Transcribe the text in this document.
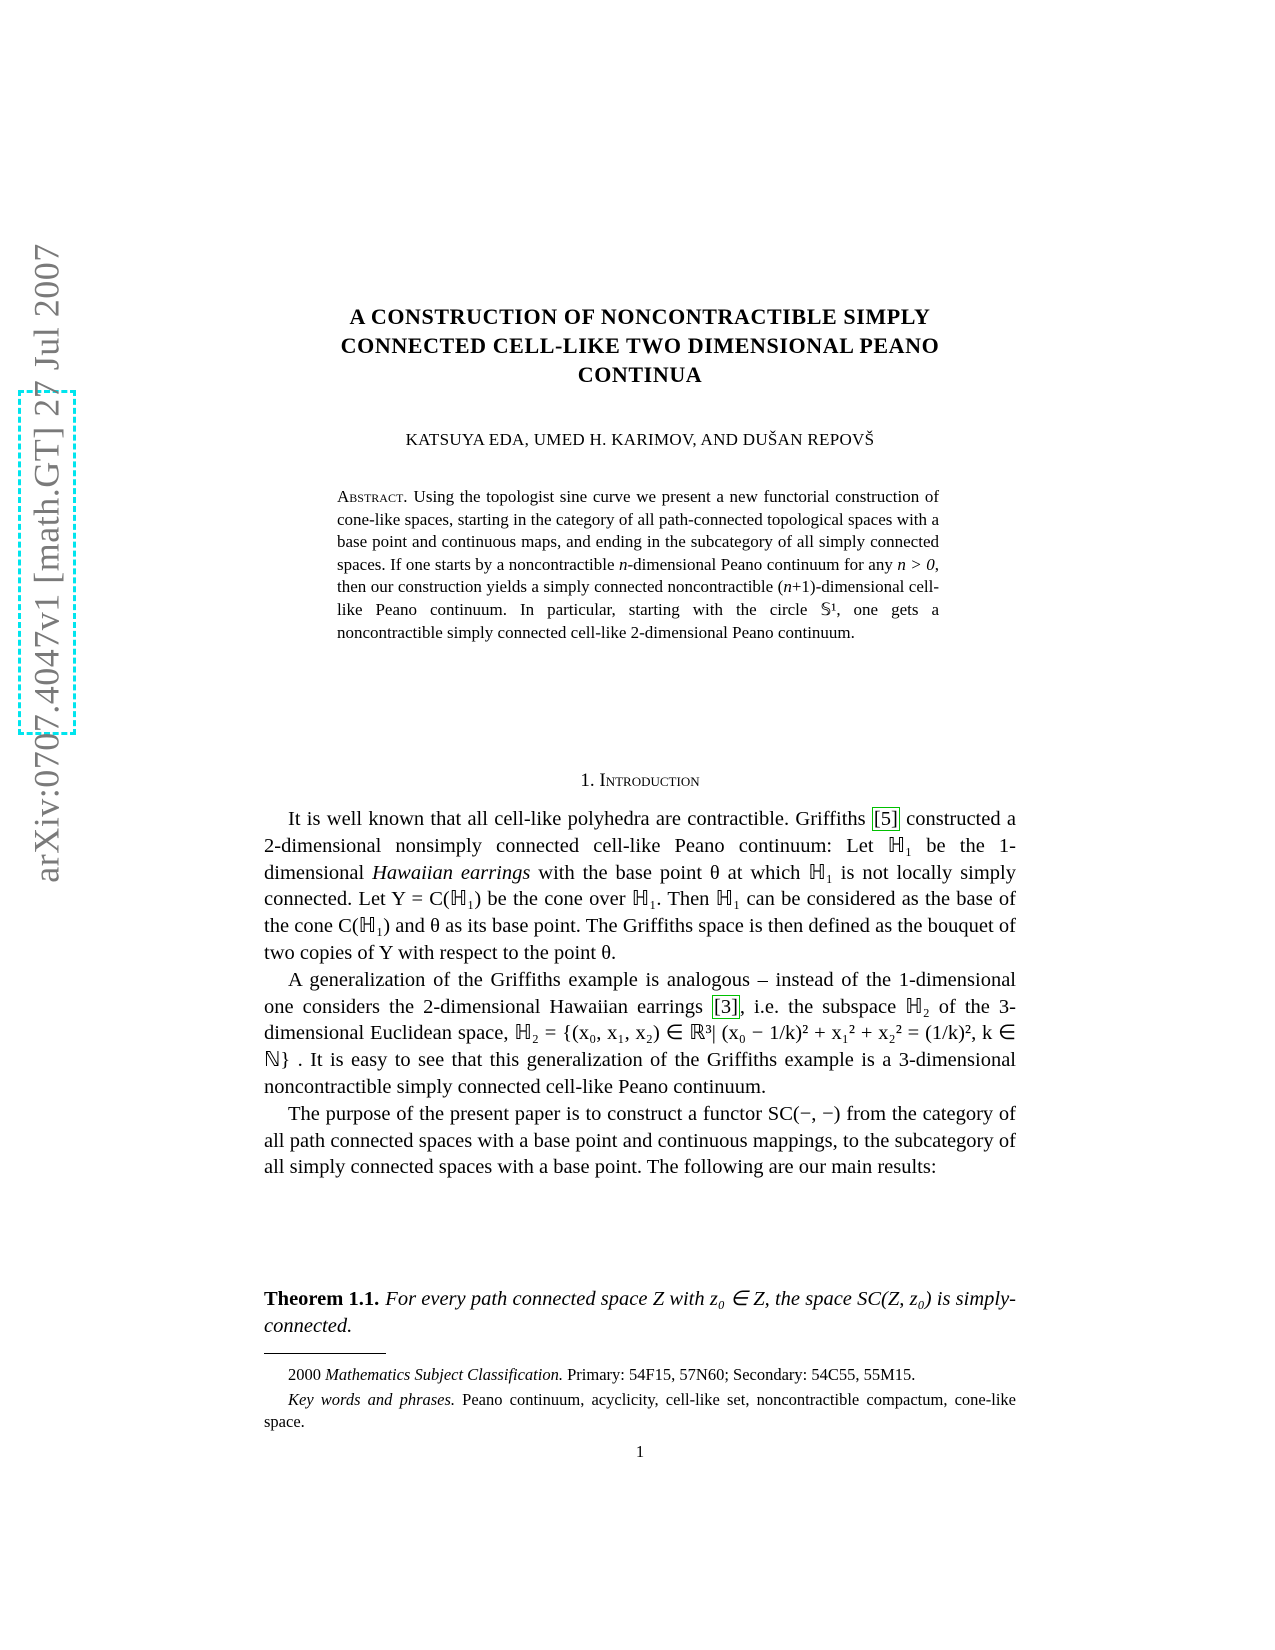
arXiv:0707.4047v1 [math.GT] 27 Jul 2007	A CONSTRUCTION OF NONCONTRACTIBLE SIMPLY
CONNECTED CELL-LIKE TWO DIMENSIONAL PEANO
CONTINUA
KATSUYA EDA, UMED H. KARIMOV, AND DUŠAN REPOVŠ
Abstract. Using the topologist sine curve we present a new functorial construction of cone-like spaces, starting in the category of all path-connected topological spaces with a base point and continuous maps, and ending in the subcategory of all simply connected spaces. If one starts by a noncontractible n-dimensional Peano continuum for any n > 0, then our construction yields a simply connected noncontractible (n+1)-dimensional cell-like Peano continuum. In particular, starting with the circle 𝕊¹, one gets a noncontractible simply connected cell-like 2-dimensional Peano continuum.
1. Introduction

It is well known that all cell-like polyhedra are contractible. Griffiths [5] constructed a 2-dimensional nonsimply connected cell-like Peano continuum: Let ℍ₁ be the 1-dimensional Hawaiian earrings with the base point θ at which ℍ₁ is not locally simply connected. Let Y = C(ℍ₁) be the cone over ℍ₁. Then ℍ₁ can be considered as the base of the cone C(ℍ₁) and θ as its base point. The Griffiths space is then defined as the bouquet of two copies of Y with respect to the point θ.

A generalization of the Griffiths example is analogous – instead of the 1-dimensional one considers the 2-dimensional Hawaiian earrings [3], i.e. the subspace ℍ₂ of the 3-dimensional Euclidean space, ℍ₂ = {(x₀, x₁, x₂) ∈ ℝ³| (x₀ − 1/k)² + x₁² + x₂² = (1/k)², k ∈ ℕ} . It is easy to see that this generalization of the Griffiths example is a 3-dimensional noncontractible simply connected cell-like Peano continuum.

The purpose of the present paper is to construct a functor SC(−, −) from the category of all path connected spaces with a base point and continuous mappings, to the subcategory of all simply connected spaces with a base point. The following are our main results:

Theorem 1.1. For every path connected space Z with z₀ ∈ Z, the space SC(Z, z₀) is simply-connected.

2000 Mathematics Subject Classification. Primary: 54F15, 57N60; Secondary: 54C55, 55M15.

Key words and phrases. Peano continuum, acyclicity, cell-like set, noncontractible compactum, cone-like space.

1
